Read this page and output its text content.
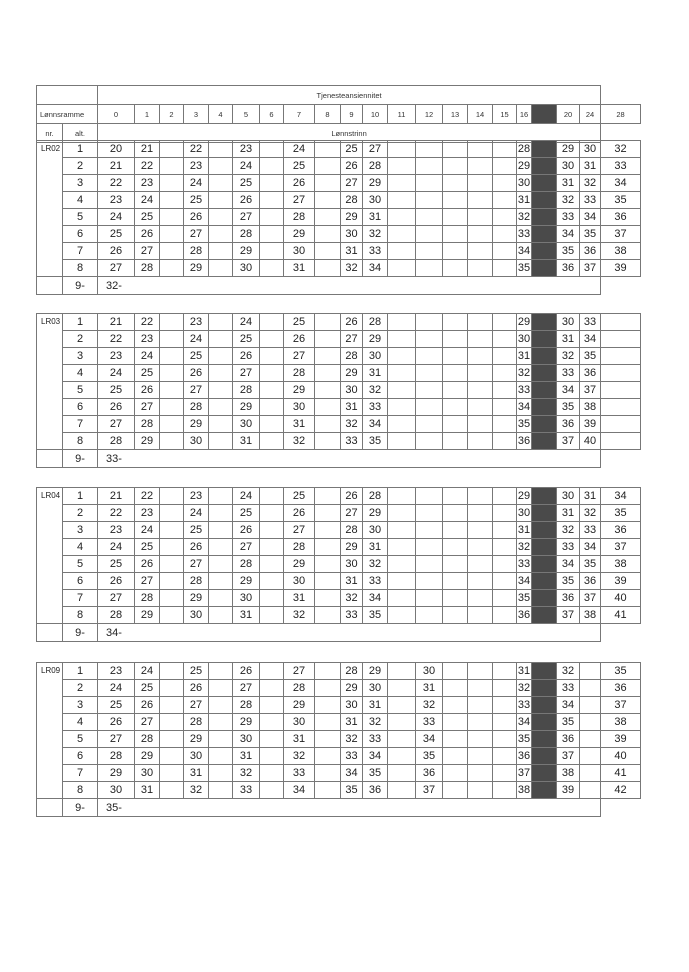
		Tjenesteansiennitet																				
Lønnsramme		0	1	2	3	4	5	6	7	8	9	10	11	12	13	14	15	16		20	24	28
nr.	alt.	Lønnstrinn																				
LR02	1	20	21		22		23		24		25	27						28		29	30	32
	2	21	22		23		24		25		26	28						29		30	31	33
	3	22	23		24		25		26		27	29						30		31	32	34
	4	23	24		25		26		27		28	30						31		32	33	35
	5	24	25		26		27		28		29	31						32		33	34	36
	6	25	26		27		28		29		30	32						33		34	35	37
	7	26	27		28		29		30		31	33						34		35	36	38
	8	27	28		29		30		31		32	34						35		36	37	39
	9-	32-																				
LR03	1	21	22		23		24		25		26	28						29		30	33	
	2	22	23		24		25		26		27	29						30		31	34	
	3	23	24		25		26		27		28	30						31		32	35	
	4	24	25		26		27		28		29	31						32		33	36	
	5	25	26		27		28		29		30	32						33		34	37	
	6	26	27		28		29		30		31	33						34		35	38	
	7	27	28		29		30		31		32	34						35		36	39	
	8	28	29		30		31		32		33	35						36		37	40	
	9-	33-																				
LR04	1	21	22		23		24		25		26	28						29		30	31	34
	2	22	23		24		25		26		27	29						30		31	32	35
	3	23	24		25		26		27		28	30						31		32	33	36
	4	24	25		26		27		28		29	31						32		33	34	37
	5	25	26		27		28		29		30	32						33		34	35	38
	6	26	27		28		29		30		31	33						34		35	36	39
	7	27	28		29		30		31		32	34						35		36	37	40
	8	28	29		30		31		32		33	35						36		37	38	41
	9-	34-																				
LR09	1	23	24		25		26		27		28	29		30				31		32		35
	2	24	25		26		27		28		29	30		31				32		33		36
	3	25	26		27		28		29		30	31		32				33		34		37
	4	26	27		28		29		30		31	32		33				34		35		38
	5	27	28		29		30		31		32	33		34				35		36		39
	6	28	29		30		31		32		33	34		35				36		37		40
	7	29	30		31		32		33		34	35		36				37		38		41
	8	30	31		32		33		34		35	36		37				38		39		42
	9-	35-																				
